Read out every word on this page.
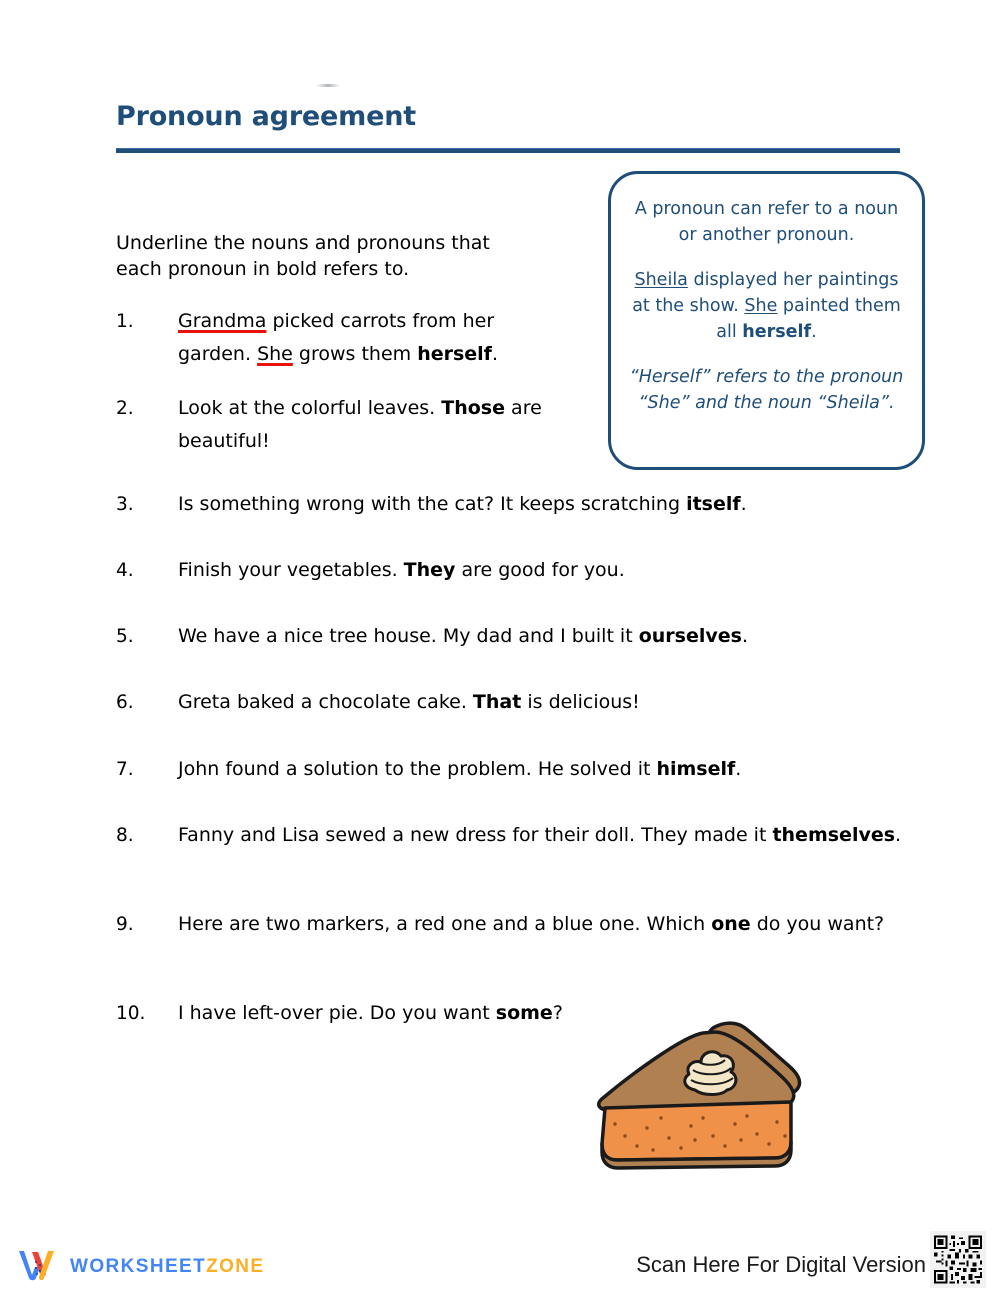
Pronoun agreement
Underline the nouns and pronouns that each pronoun in bold refers to.

A pronoun can refer to a noun or another pronoun.

Sheila displayed her paintings at the show. She painted them all herself.

“Herself” refers to the pronoun “She” and the noun “Sheila”.

1.	Grandma picked carrots from her garden. She grows them herself.
2.	Look at the colorful leaves. Those are beautiful!
3.	Is something wrong with the cat? It keeps scratching itself.
4.	Finish your vegetables. They are good for you.
5.	We have a nice tree house. My dad and I built it ourselves.
6.	Greta baked a chocolate cake. That is delicious!
7.	John found a solution to the problem. He solved it himself.
8.	Fanny and Lisa sewed a new dress for their doll. They made it themselves.
9.	Here are two markers, a red one and a blue one. Which one do you want?
10.	I have left-over pie. Do you want some?
WORKSHEETZONE	Scan Here For Digital Version
